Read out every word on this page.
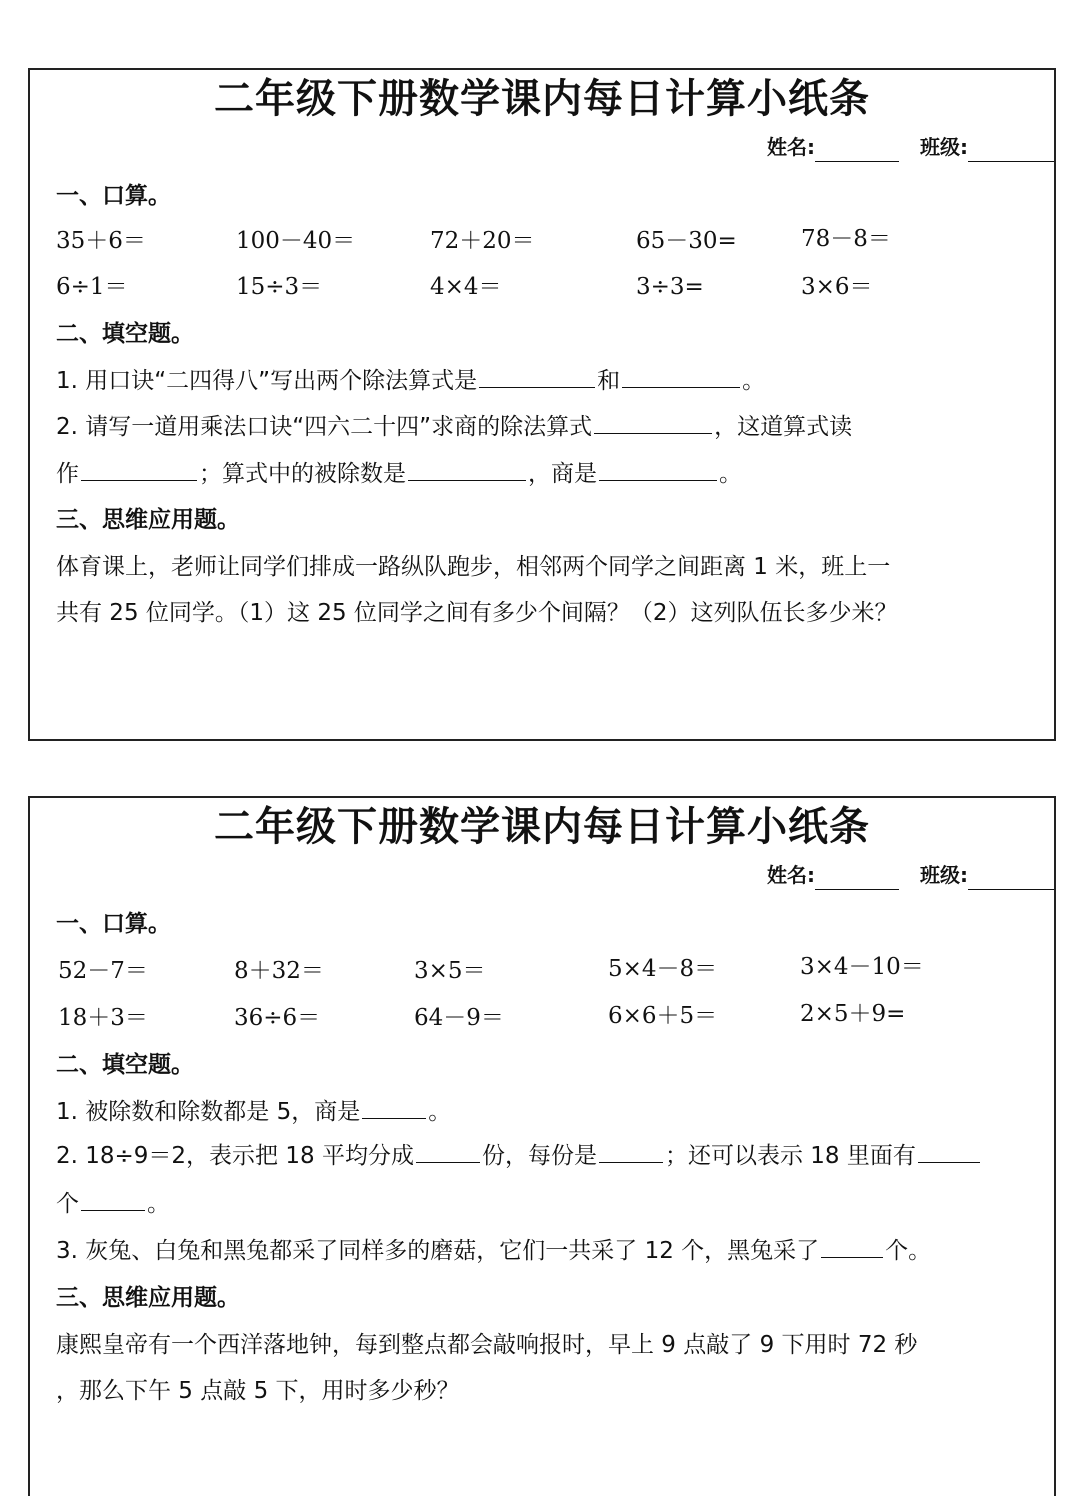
二年级下册数学课内每日计算小纸条
姓名:	班级:
一、口算。
35＋6＝	100－40＝	72＋20＝	65－30=	78－8＝
6÷1＝	15÷3＝	4×4＝	3÷3=	3×6＝
二、填空题。
1. 用口诀“二四得八”写出两个除法算式是	和	。
2. 请写一道用乘法口诀“四六二十四”求商的除法算式	，这道算式读
作	；算式中的被除数是	，商是	。
三、思维应用题。
体育课上，老师让同学们排成一路纵队跑步，相邻两个同学之间距离 1 米，班上一
共有 25 位同学。（1）这 25 位同学之间有多少个间隔？（2）这列队伍长多少米？
二年级下册数学课内每日计算小纸条
姓名:	班级:
一、口算。
52－7＝	8＋32＝	3×5＝	5×4－8＝	3×4－10＝
18＋3＝	36÷6＝	64－9＝	6×6＋5＝	2×5＋9=
二、填空题。
1. 被除数和除数都是 5，商是	。
2. 18÷9＝2，表示把 18 平均分成	份，每份是	；还可以表示 18 里面有
个	。
3. 灰兔、白兔和黑兔都采了同样多的磨菇，它们一共采了 12 个，黑兔采了	个。
三、思维应用题。
康熙皇帝有一个西洋落地钟，每到整点都会敲响报时，早上 9 点敲了 9 下用时 72 秒
，那么下午 5 点敲 5 下，用时多少秒？
